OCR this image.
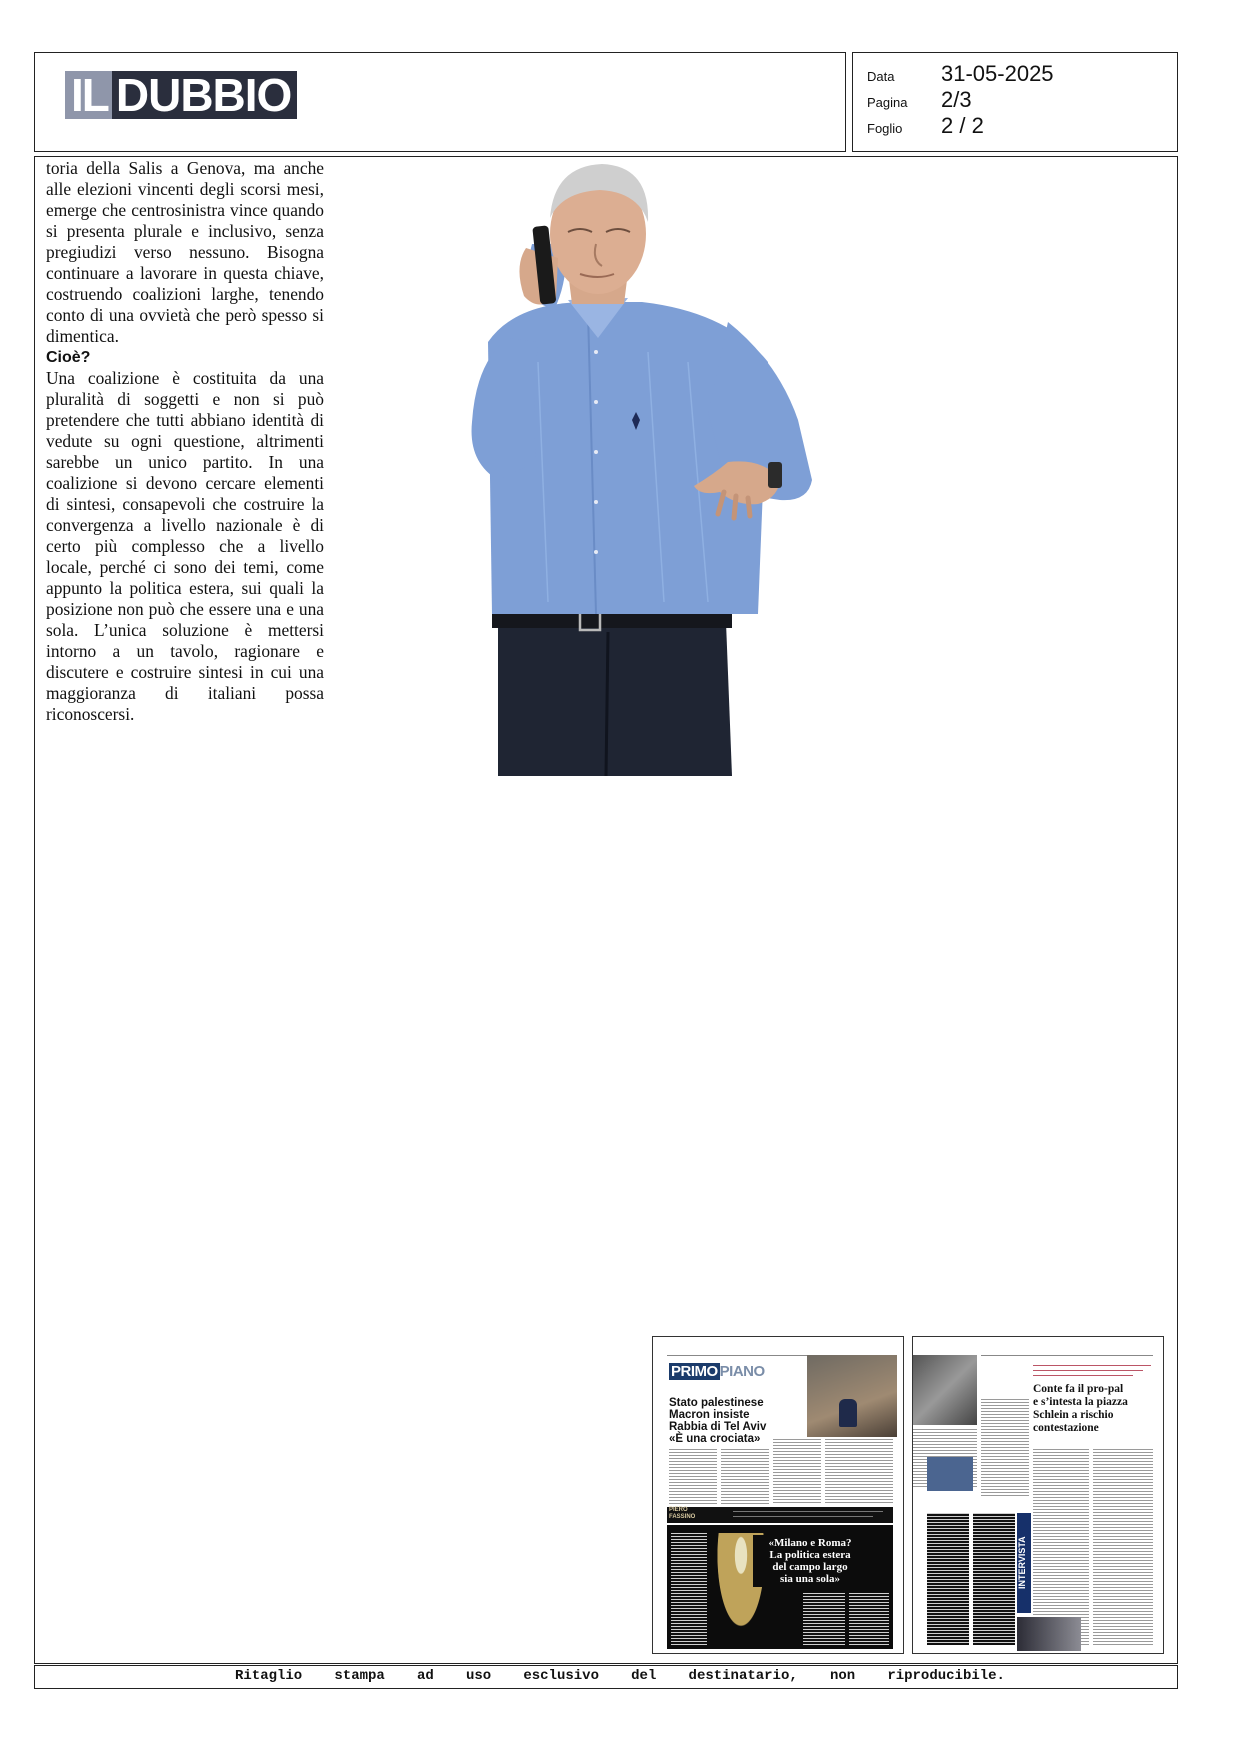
IL DUBBIO	Data	31-05-2025
Pagina	2/3
Foglio	2 / 2

toria della Salis a Genova, ma anche alle elezioni vincenti degli scorsi mesi, emerge che centrosinistra vince quando si presenta plurale e inclusivo, senza pregiudizi verso nessuno. Bisogna continuare a lavorare in questa chiave, costruendo coalizioni larghe, tenendo conto di una ovvietà che però spesso si dimentica.

Cioè?

Una coalizione è costituita da una pluralità di soggetti e non si può pretendere che tutti abbiano identità di vedute su ogni questione, altrimenti sarebbe un unico partito. In una coalizione si devono cercare elementi di sintesi, consapevoli che costruire la convergenza a livello nazionale è di certo più complesso che a livello locale, perché ci sono dei temi, come appunto la politica estera, sui quali la posizione non può che essere una e una sola. L’unica soluzione è mettersi intorno a un tavolo, ragionare e discutere e costruire sintesi in cui una maggioranza di italiani possa riconoscersi.

PRIMO PIANO
Stato palestinese
Macron insiste
Rabbia di Tel Aviv
«È una crociata»
PIERO
FASSINO
«Milano e Roma?
La politica estera
del campo largo
sia una sola»
Conte fa il pro-pal
e s’intesta la piazza
Schlein a rischio
contestazione
INTERVISTA
Ritaglio stampa ad uso esclusivo del destinatario, non riproducibile.
